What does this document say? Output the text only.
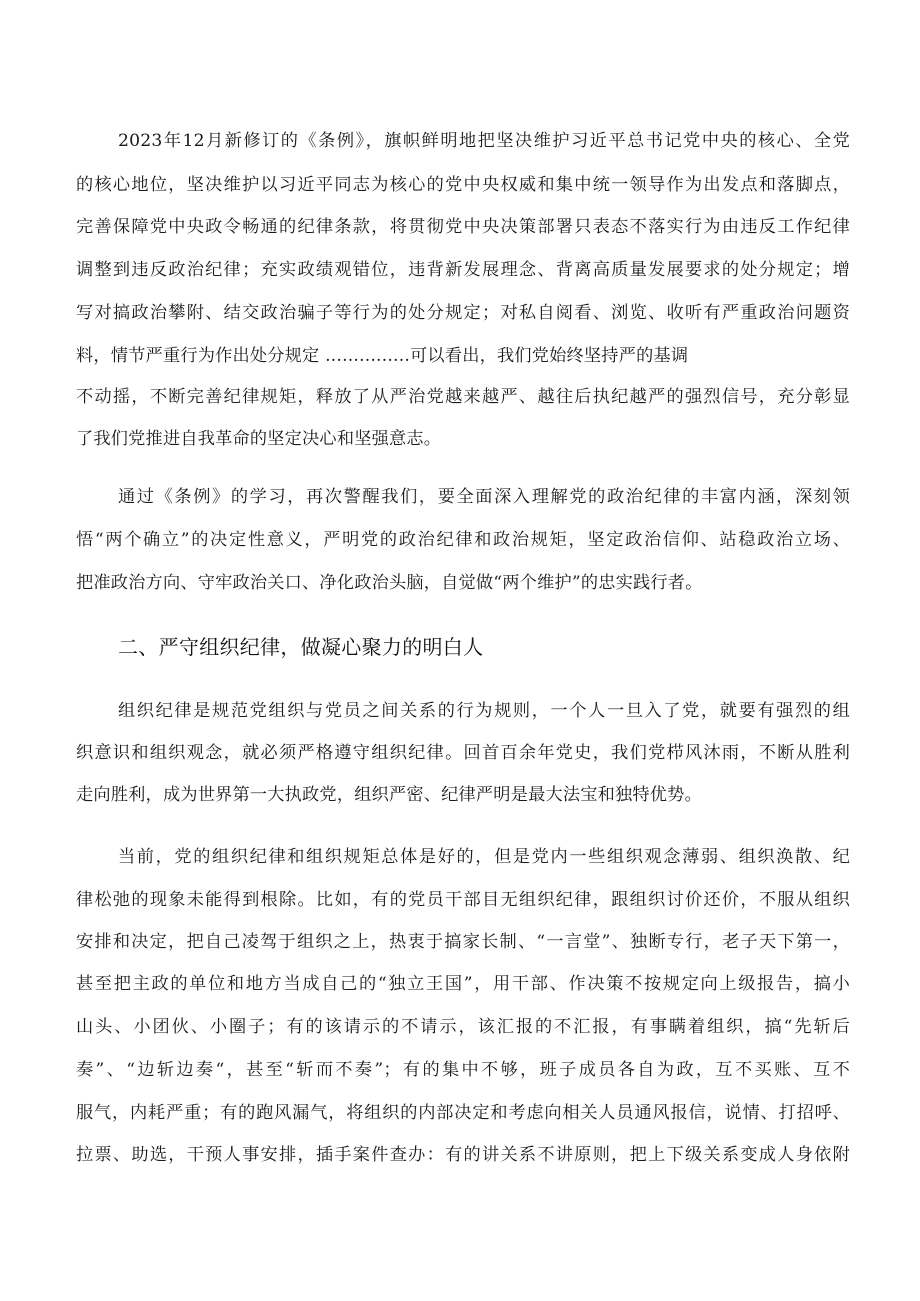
2023年12月新修订的《条例》，旗帜鲜明地把坚决维护习近平总书记党中央的核心、全党
的核心地位，坚决维护以习近平同志为核心的党中央权威和集中统一领导作为出发点和落脚点，
完善保障党中央政令畅通的纪律条款，将贯彻党中央决策部署只表态不落实行为由违反工作纪律
调整到违反政治纪律；充实政绩观错位，违背新发展理念、背离高质量发展要求的处分规定；增
写对搞政治攀附、结交政治骗子等行为的处分规定；对私自阅看、浏览、收听有严重政治问题资
料，情节严重行为作出处分规定 ...............可以看出，我们党始终坚持严的基调
不动摇，不断完善纪律规矩，释放了从严治党越来越严、越往后执纪越严的强烈信号，充分彰显
了我们党推进自我革命的坚定决心和坚强意志。
通过《条例》的学习，再次警醒我们，要全面深入理解党的政治纪律的丰富内涵，深刻领
悟“两个确立”的决定性意义，严明党的政治纪律和政治规矩，坚定政治信仰、站稳政治立场、
把准政治方向、守牢政治关口、净化政治头脑，自觉做“两个维护”的忠实践行者。
二、严守组织纪律，做凝心聚力的明白人
组织纪律是规范党组织与党员之间关系的行为规则，一个人一旦入了党，就要有强烈的组
织意识和组织观念，就必须严格遵守组织纪律。回首百余年党史，我们党栉风沐雨，不断从胜利
走向胜利，成为世界第一大执政党，组织严密、纪律严明是最大法宝和独特优势。
当前，党的组织纪律和组织规矩总体是好的，但是党内一些组织观念薄弱、组织涣散、纪
律松弛的现象未能得到根除。比如，有的党员干部目无组织纪律，跟组织讨价还价，不服从组织
安排和决定，把自己凌驾于组织之上，热衷于搞家长制、“一言堂”、独断专行，老子天下第一，
甚至把主政的单位和地方当成自己的“独立王国”，用干部、作决策不按规定向上级报告，搞小
山头、小团伙、小圈子；有的该请示的不请示，该汇报的不汇报，有事瞒着组织，搞“先斩后
奏”、“边斩边奏“，甚至“斩而不奏”；有的集中不够，班子成员各自为政，互不买账、互不
服气，内耗严重；有的跑风漏气，将组织的内部决定和考虑向相关人员通风报信，说情、打招呼、
拉票、助选，干预人事安排，插手案件查办：有的讲关系不讲原则，把上下级关系变成人身依附
